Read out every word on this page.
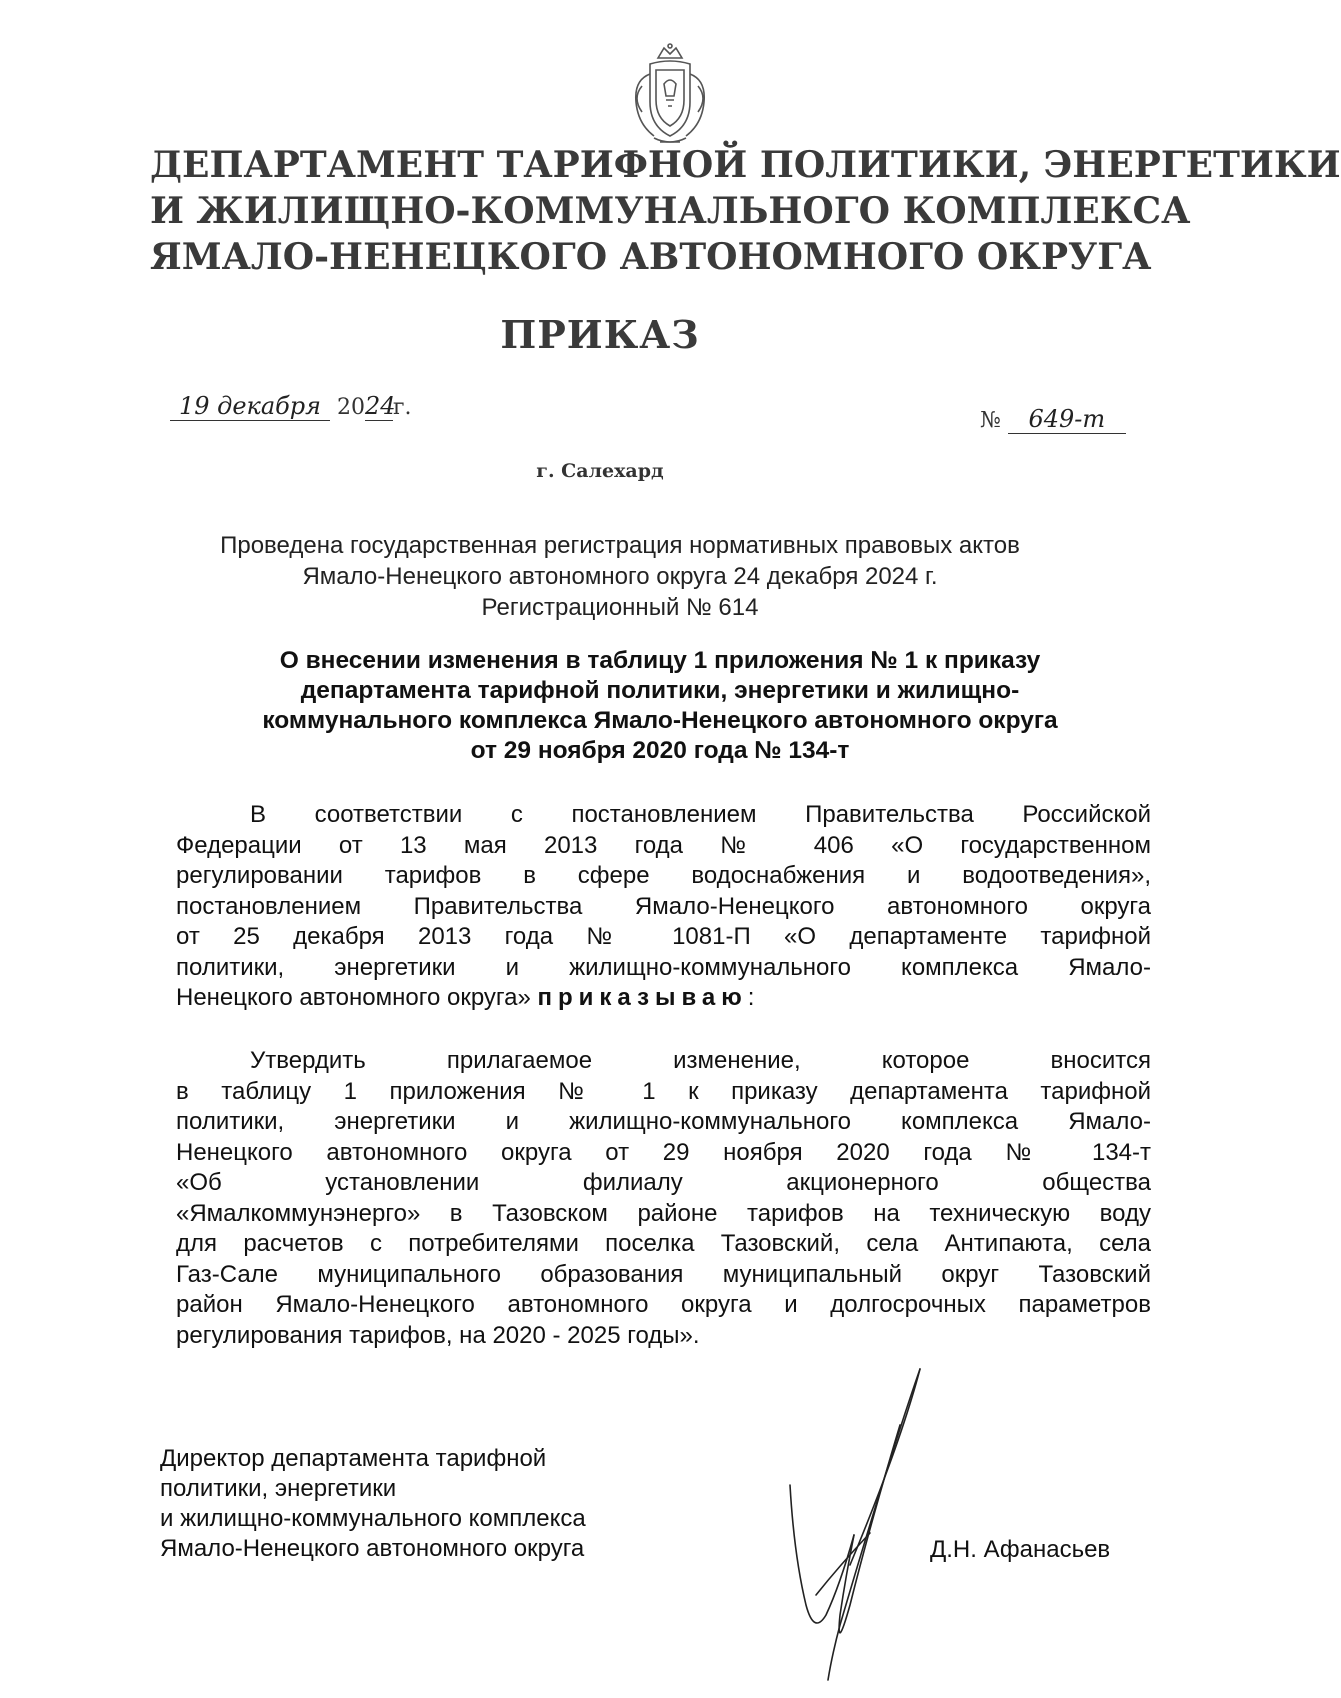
ДЕПАРТАМЕНТ ТАРИФНОЙ ПОЛИТИКИ, ЭНЕРГЕТИКИ
И ЖИЛИЩНО-КОММУНАЛЬНОГО КОМПЛЕКСА
ЯМАЛО-НЕНЕЦКОГО АВТОНОМНОГО ОКРУГА
ПРИКАЗ
19 декабря 2024г.
№ 649-т
г. Салехард
Проведена государственная регистрация нормативных правовых актов
Ямало-Ненецкого автономного округа 24 декабря 2024 г.
Регистрационный № 614
О внесении изменения в таблицу 1 приложения № 1 к приказу
департамента тарифной политики, энергетики и жилищно-
коммунального комплекса Ямало-Ненецкого автономного округа
от 29 ноября 2020 года № 134-т
В соответствии с постановлением Правительства Российской
Федерации от 13 мая 2013 года № 406 «О государственном
регулировании тарифов в сфере водоснабжения и водоотведения»,
постановлением Правительства Ямало-Ненецкого автономного округа
от 25 декабря 2013 года № 1081-П «О департаменте тарифной
политики, энергетики и жилищно-коммунального комплекса Ямало-
Ненецкого автономного округа» приказываю:
Утвердить прилагаемое изменение, которое вносится
в таблицу 1 приложения № 1 к приказу департамента тарифной
политики, энергетики и жилищно-коммунального комплекса Ямало-
Ненецкого автономного округа от 29 ноября 2020 года № 134-т
«Об установлении филиалу акционерного общества
«Ямалкоммунэнерго» в Тазовском районе тарифов на техническую воду
для расчетов с потребителями поселка Тазовский, села Антипаюта, села
Газ-Сале муниципального образования муниципальный округ Тазовский
район Ямало-Ненецкого автономного округа и долгосрочных параметров
регулирования тарифов, на 2020 - 2025 годы».
Директор департамента тарифной
политики, энергетики
и жилищно-коммунального комплекса
Ямало-Ненецкого автономного округа	Д.Н. Афанасьев
